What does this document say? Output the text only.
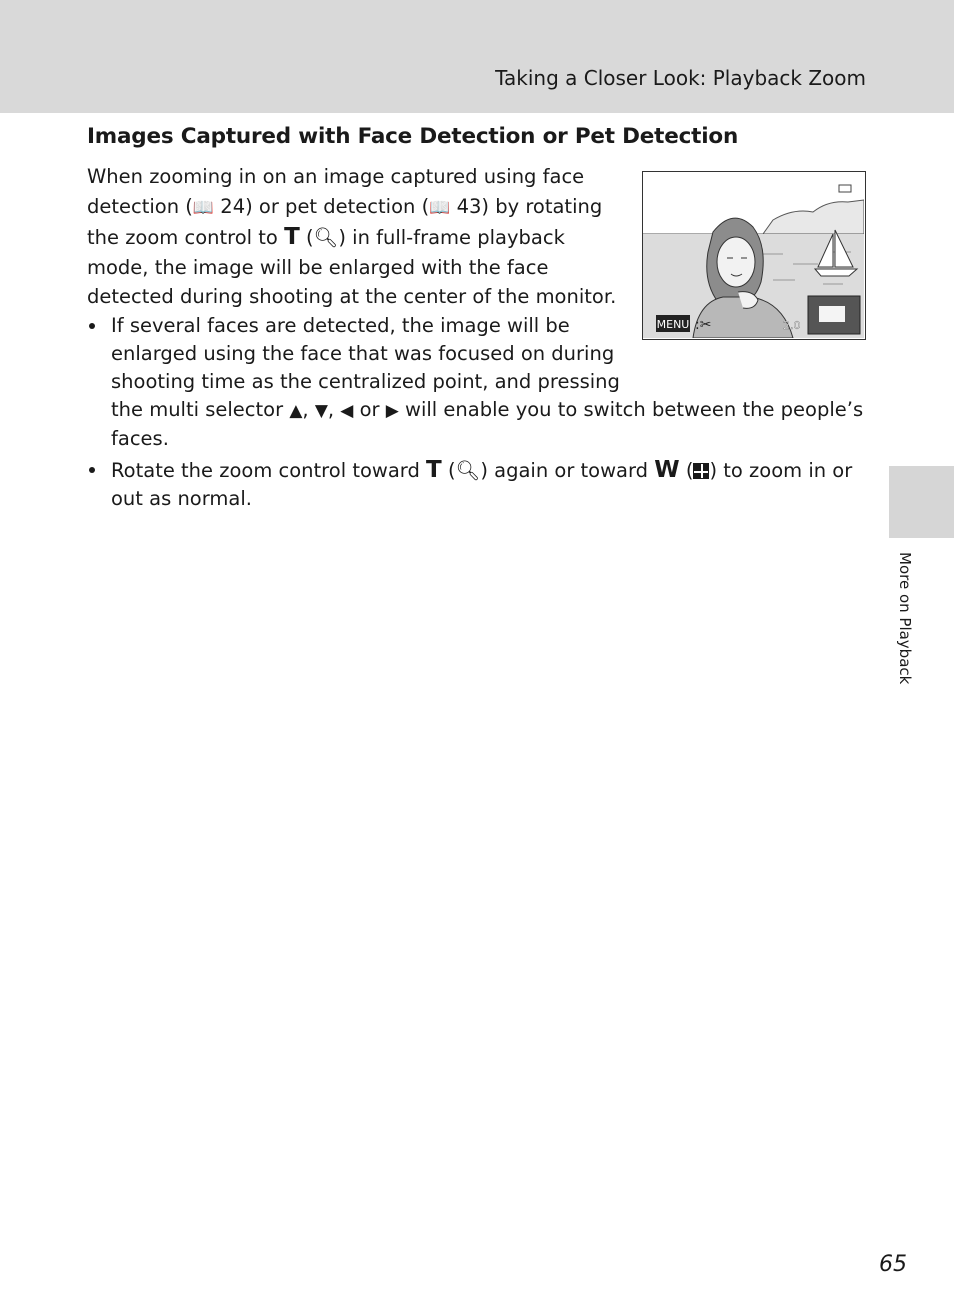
Taking a Closer Look: Playback Zoom
Images Captured with Face Detection or Pet Detection

When zooming in on an image captured using face detection (📖 24) or pet detection (📖 43) by rotating the zoom control to T (🔍︎) in full-frame playback mode, the image will be enlarged with the face detected during shooting at the center of the monitor.

MENU :✂	2.0
If several faces are detected, the image will be enlarged using the face that was focused on during shooting time as the centralized point, and pressing the multi selector ▲, ▼, ◀ or ▶ will enable you to switch between the people’s faces.
Rotate the zoom control toward T (🔍︎) again or toward W ( ) to zoom in or out as normal.
More on Playback
65
